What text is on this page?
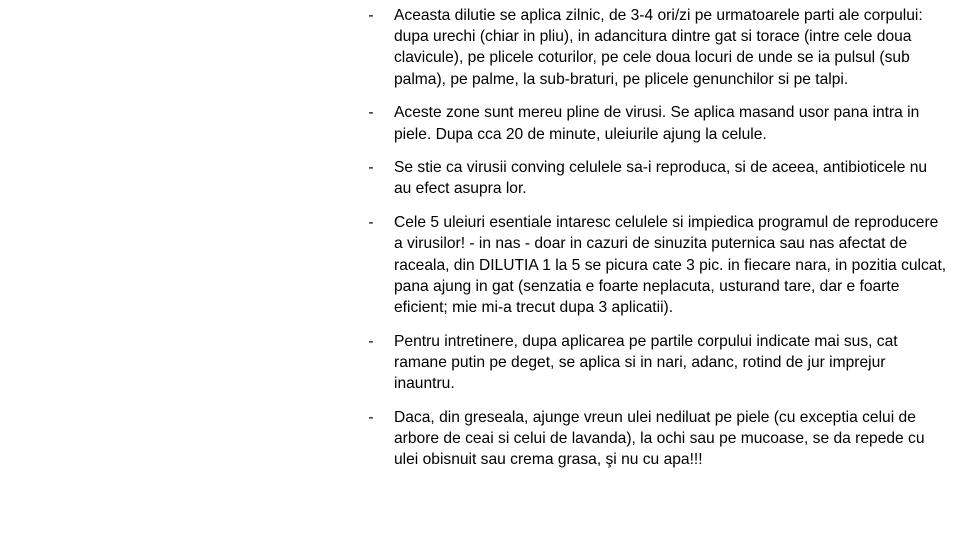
- Aceasta dilutie se aplica zilnic, de 3-4 ori/zi pe urmatoarele parti ale corpului: dupa urechi (chiar in pliu), in adancitura dintre gat si torace (intre cele doua clavicule), pe plicele coturilor, pe cele doua locuri de unde se ia pulsul (sub palma), pe palme, la sub-braturi, pe plicele genunchilor si pe talpi.
- Aceste zone sunt mereu pline de virusi. Se aplica masand usor pana intra in piele. Dupa cca 20 de minute, uleiurile ajung la celule.
- Se stie ca virusii conving celulele sa-i reproduca, si de aceea, antibioticele nu au efect asupra lor.
- Cele 5 uleiuri esentiale intaresc celulele si impiedica programul de reproducere a virusilor! - in nas - doar in cazuri de sinuzita puternica sau nas afectat de raceala, din DILUTIA 1 la 5 se picura cate 3 pic. in fiecare nara, in pozitia culcat, pana ajung in gat (senzatia e foarte neplacuta, usturand tare, dar e foarte eficient; mie mi-a trecut dupa 3 aplicatii).
- Pentru intretinere, dupa aplicarea pe partile corpului indicate mai sus, cat ramane putin pe deget, se aplica si in nari, adanc, rotind de jur imprejur inauntru.
- Daca, din greseala, ajunge vreun ulei nediluat pe piele (cu exceptia celui de arbore de ceai si celui de lavanda), la ochi sau pe mucoase, se da repede cu ulei obisnuit sau crema grasa, şi nu cu apa!!!
